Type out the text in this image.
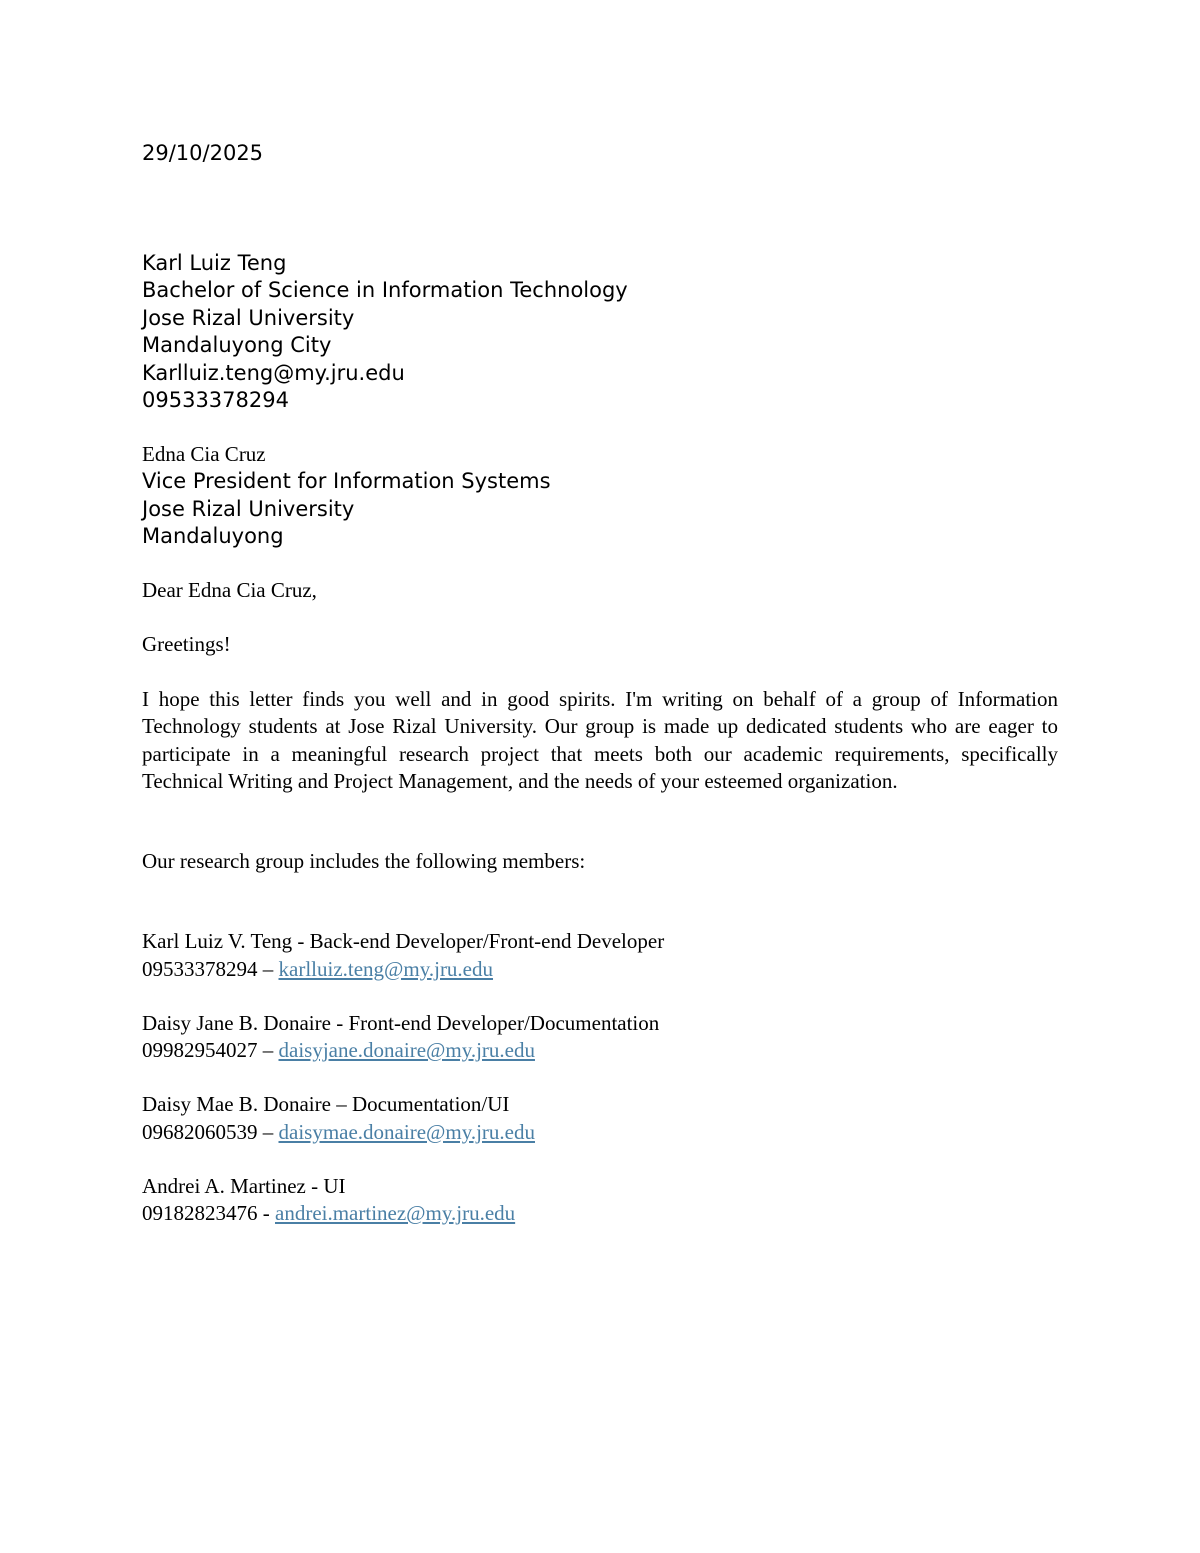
29/10/2025
Karl Luiz Teng
Bachelor of Science in Information Technology
Jose Rizal University
Mandaluyong City
Karlluiz.teng@my.jru.edu
09533378294
Edna Cia Cruz
Vice President for Information Systems
Jose Rizal University
Mandaluyong
Dear Edna Cia Cruz,
Greetings!
I hope this letter finds you well and in good spirits. I'm writing on behalf of a group of Information Technology students at Jose Rizal University. Our group is made up dedicated students who are eager to participate in a meaningful research project that meets both our academic requirements, specifically Technical Writing and Project Management, and the needs of your esteemed organization.
Our research group includes the following members:
Karl Luiz V. Teng - Back-end Developer/Front-end Developer
09533378294 – karlluiz.teng@my.jru.edu
Daisy Jane B. Donaire - Front-end Developer/Documentation
09982954027 – daisyjane.donaire@my.jru.edu
Daisy Mae B. Donaire – Documentation/UI
09682060539 – daisymae.donaire@my.jru.edu
Andrei A. Martinez - UI
09182823476 - andrei.martinez@my.jru.edu
